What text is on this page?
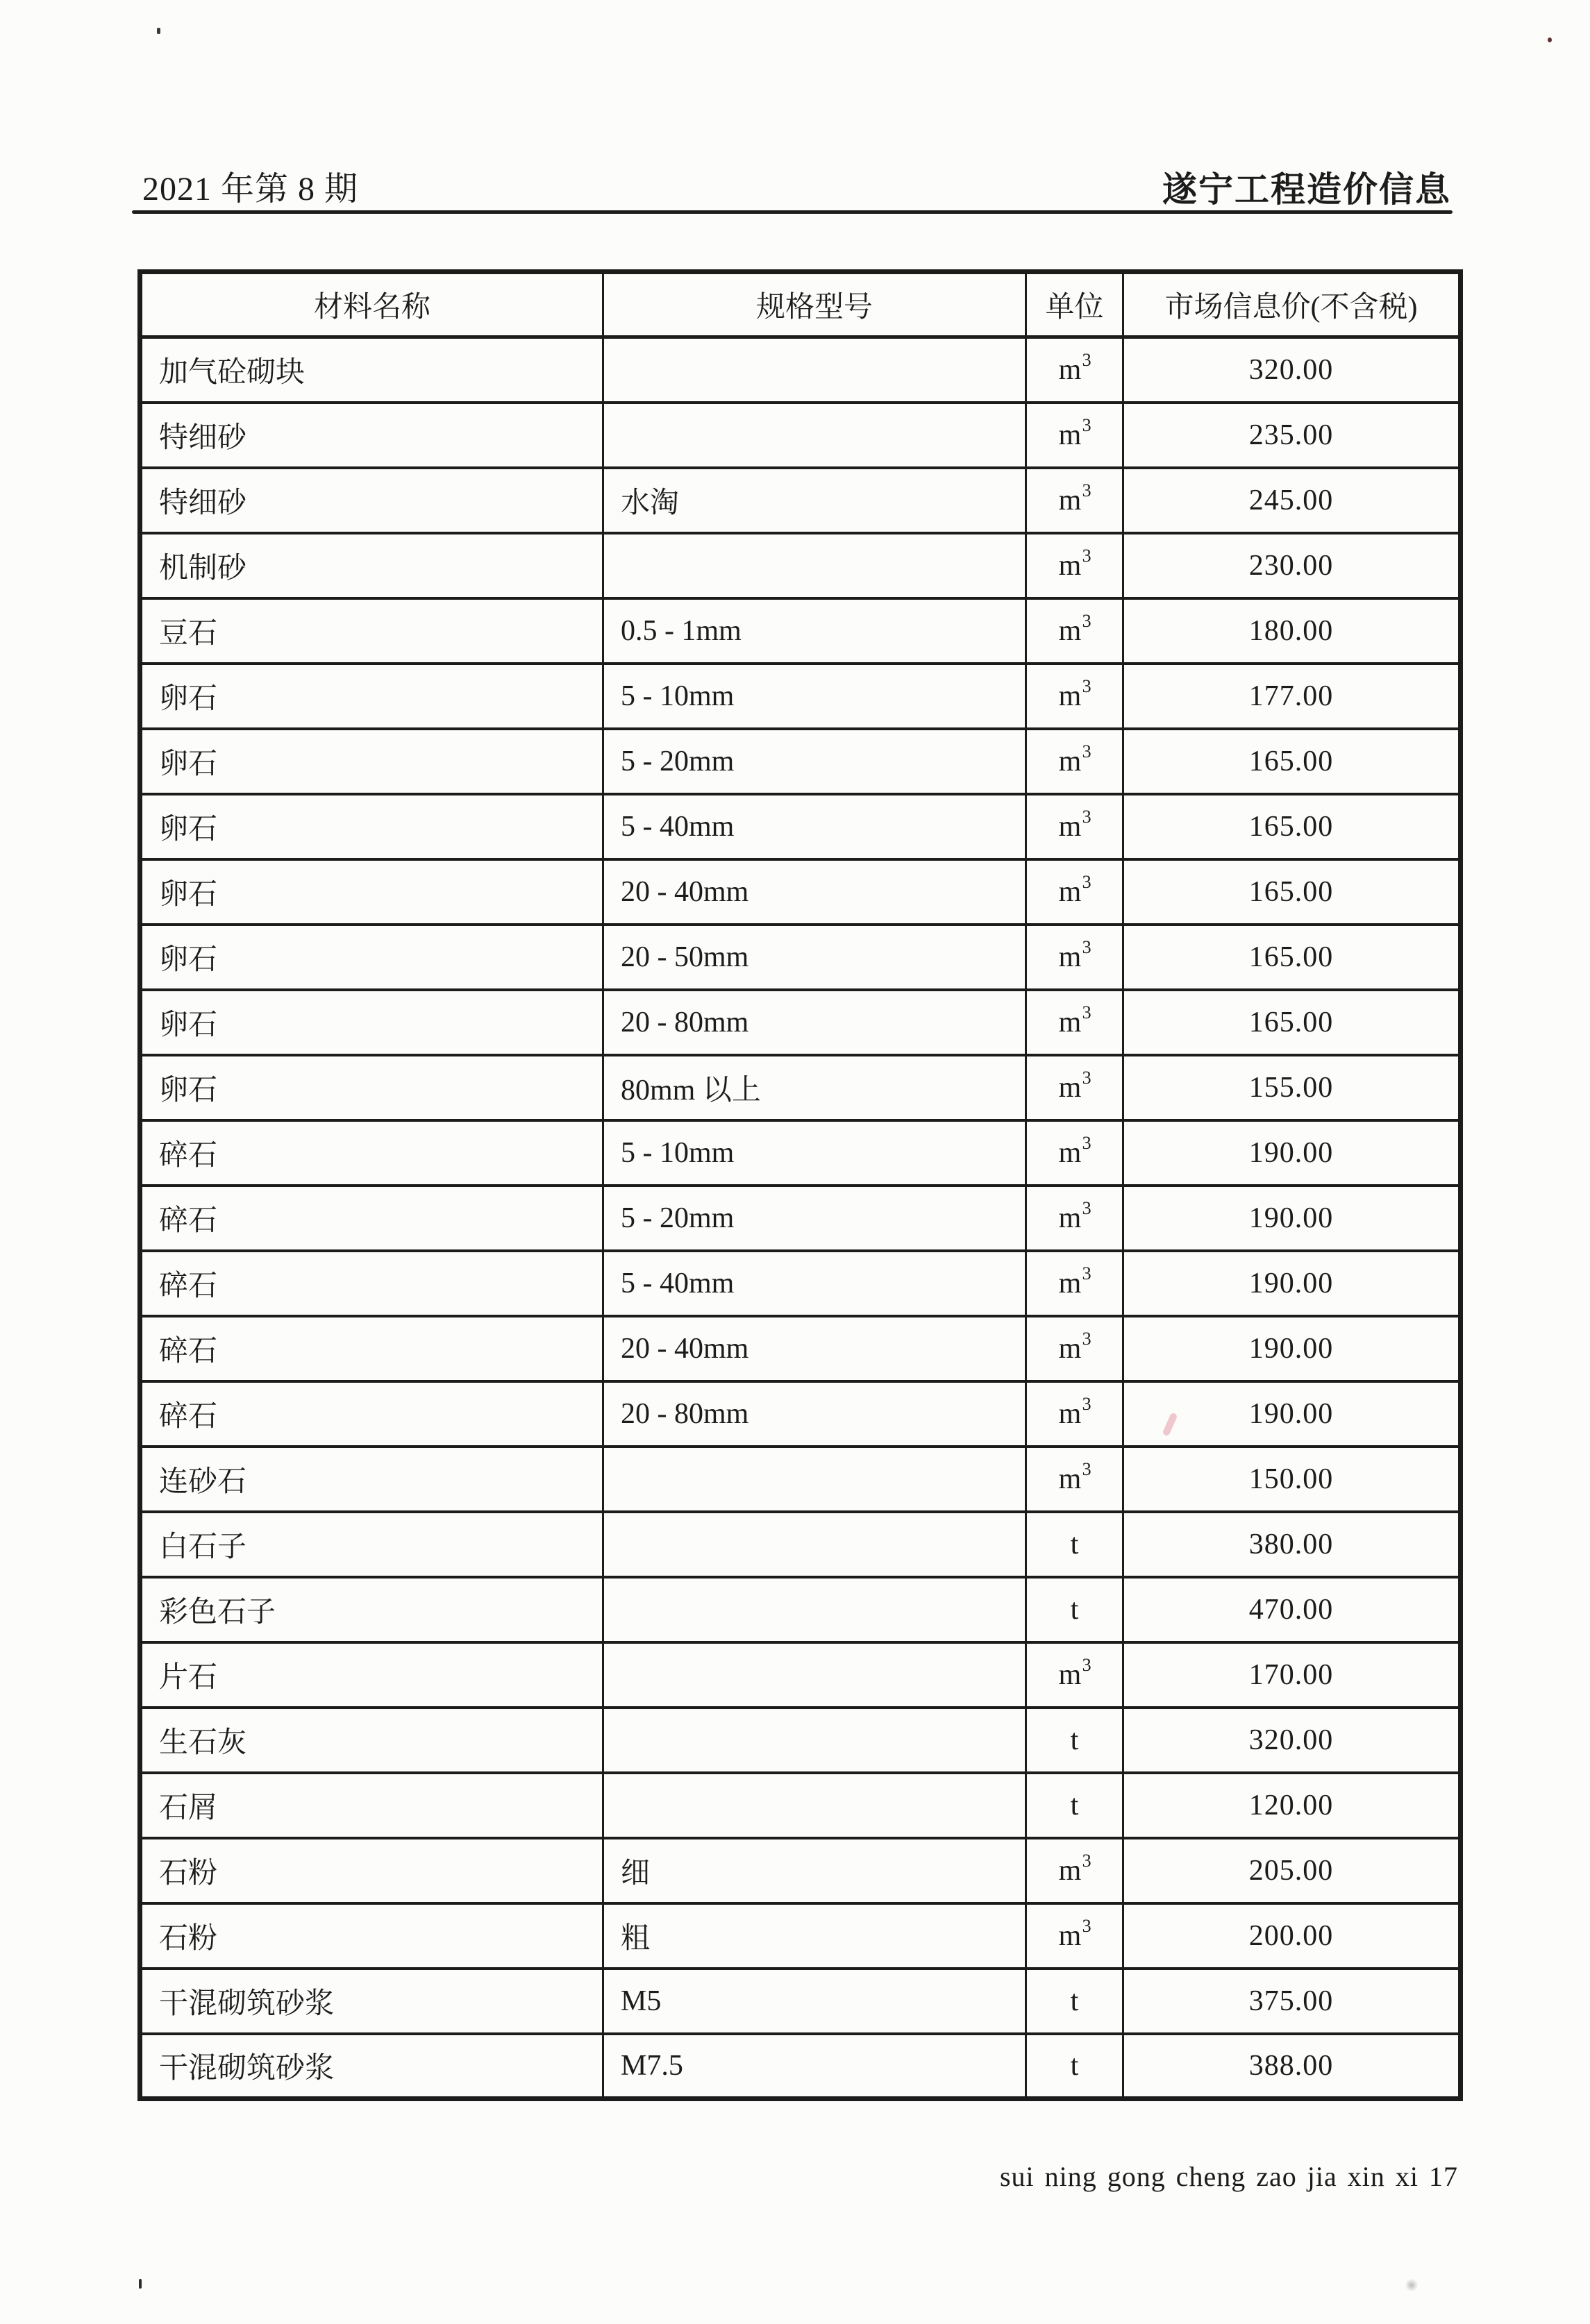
2021 年第 8 期	遂宁工程造价信息
材料名称	规格型号	单位	市场信息价(不含税)
加气砼砌块		$m^3$	320.00
特细砂		$m^3$	235.00
特细砂	水淘	$m^3$	245.00
机制砂		$m^3$	230.00
豆石	0.5 - 1mm	$m^3$	180.00
卵石	5 - 10mm	$m^3$	177.00
卵石	5 - 20mm	$m^3$	165.00
卵石	5 - 40mm	$m^3$	165.00
卵石	20 - 40mm	$m^3$	165.00
卵石	20 - 50mm	$m^3$	165.00
卵石	20 - 80mm	$m^3$	165.00
卵石	80mm 以上	$m^3$	155.00
碎石	5 - 10mm	$m^3$	190.00
碎石	5 - 20mm	$m^3$	190.00
碎石	5 - 40mm	$m^3$	190.00
碎石	20 - 40mm	$m^3$	190.00
碎石	20 - 80mm	$m^3$	190.00
连砂石		$m^3$	150.00
白石子		t	380.00
彩色石子		t	470.00
片石		$m^3$	170.00
生石灰		t	320.00
石屑		t	120.00
石粉	细	$m^3$	205.00
石粉	粗	$m^3$	200.00
干混砌筑砂浆	M5	t	375.00
干混砌筑砂浆	M7.5	t	388.00
sui ning gong cheng zao jia xin xi 17
